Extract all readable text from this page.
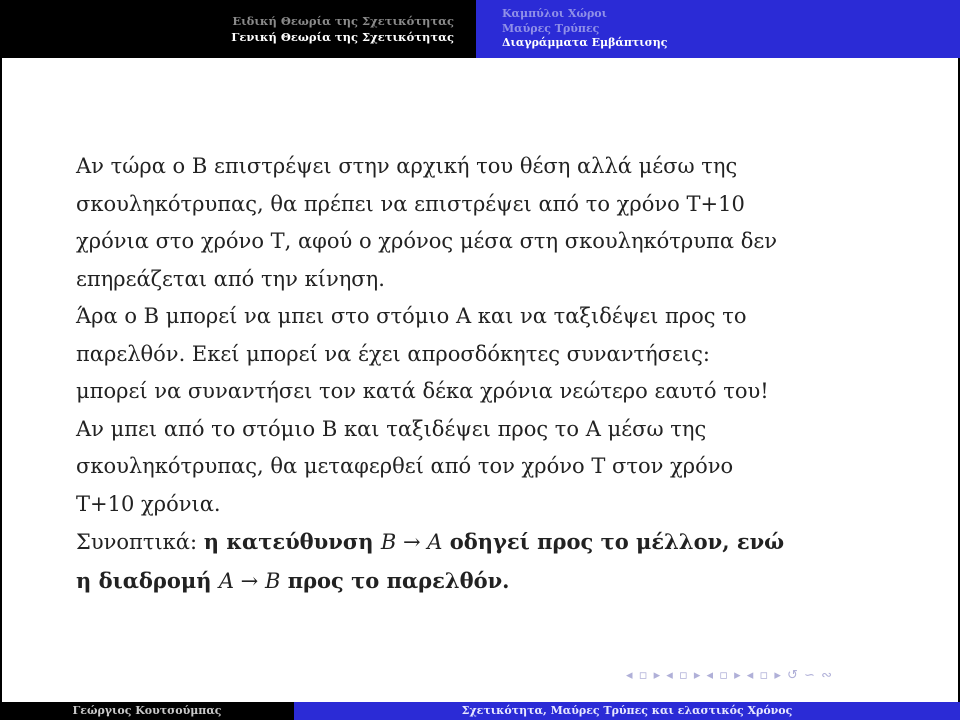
Ειδική Θεωρία της Σχετικότητας
Γενική Θεωρία της Σχετικότητας
Καμπύλοι Χώροι
Μαύρες Τρύπες
Διαγράμματα Εμβάπτισης
Αν τώρα ο Β επιστρέψει στην αρχική του θέση αλλά μέσω της
σκουληκότρυπας, θα πρέπει να επιστρέψει από το χρόνο Τ+10
χρόνια στο χρόνο Τ, αφού ο χρόνος μέσα στη σκουληκότρυπα δεν
επηρεάζεται από την κίνηση.
Άρα ο Β μπορεί να μπει στο στόμιο Α και να ταξιδέψει προς το
παρελθόν. Εκεί μπορεί να έχει απροσδόκητες συναντήσεις:
μπορεί να συναντήσει τον κατά δέκα χρόνια νεώτερο εαυτό του!
Αν μπει από το στόμιο Β και ταξιδέψει προς το Α μέσω της
σκουληκότρυπας, θα μεταφερθεί από τον χρόνο Τ στον χρόνο
Τ+10 χρόνια.
Συνοπτικά: η κατεύθυνση B → A οδηγεί προς το μέλλον, ενώ
η διαδρομή A → B προς το παρελθόν.
◂ ▫ ▸ ◂ ▫ ▸ ◂ ▫ ▸ ◂ ▫ ▸ ↺ ∽ ∾
Γεώργιος Κουτσούμπας	Σχετικότητα, Μαύρες Τρύπες και ελαστικός Χρόνος
